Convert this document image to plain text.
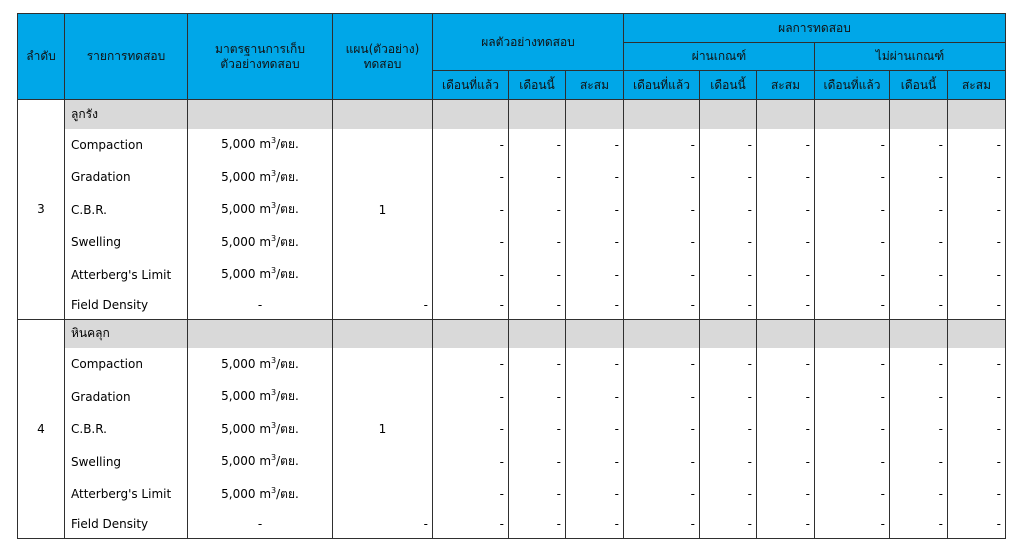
ลำดับ	รายการทดสอบ	มาตรฐานการเก็บตัวอย่างทดสอบ	แผน(ตัวอย่าง) ทดสอบ	ผลตัวอย่างทดสอบ			ผลการทดสอบ					
							ผ่านเกณฑ์			ไม่ผ่านเกณฑ์		
				เดือนที่แล้ว	เดือนนี้	สะสม	เดือนที่แล้ว	เดือนนี้	สะสม	เดือนที่แล้ว	เดือนนี้	สะสม
3	ลูกรัง											
	Compaction	5,000 $m^3/$ตย.	1	-	-	-	-	-	-	-	-	-
	Gradation	5,000 $m^3/$ตย.		-	-	-	-	-	-	-	-	-
	C.B.R.	5,000 $m^3/$ตย.		-	-	-	-	-	-	-	-	-
	Swelling	5,000 $m^3/$ตย.		-	-	-	-	-	-	-	-	-
	Atterberg's Limit	5,000 $m^3/$ตย.		-	-	-	-	-	-	-	-	-
	Field Density	-	-	-	-	-	-	-	-	-	-	-
4	หินคลุก											
	Compaction	5,000 $m^3/$ตย.	1	-	-	-	-	-	-	-	-	-
	Gradation	5,000 $m^3/$ตย.		-	-	-	-	-	-	-	-	-
	C.B.R.	5,000 $m^3/$ตย.		-	-	-	-	-	-	-	-	-
	Swelling	5,000 $m^3/$ตย.		-	-	-	-	-	-	-	-	-
	Atterberg's Limit	5,000 $m^3/$ตย.		-	-	-	-	-	-	-	-	-
	Field Density	-	-	-	-	-	-	-	-	-	-	-
